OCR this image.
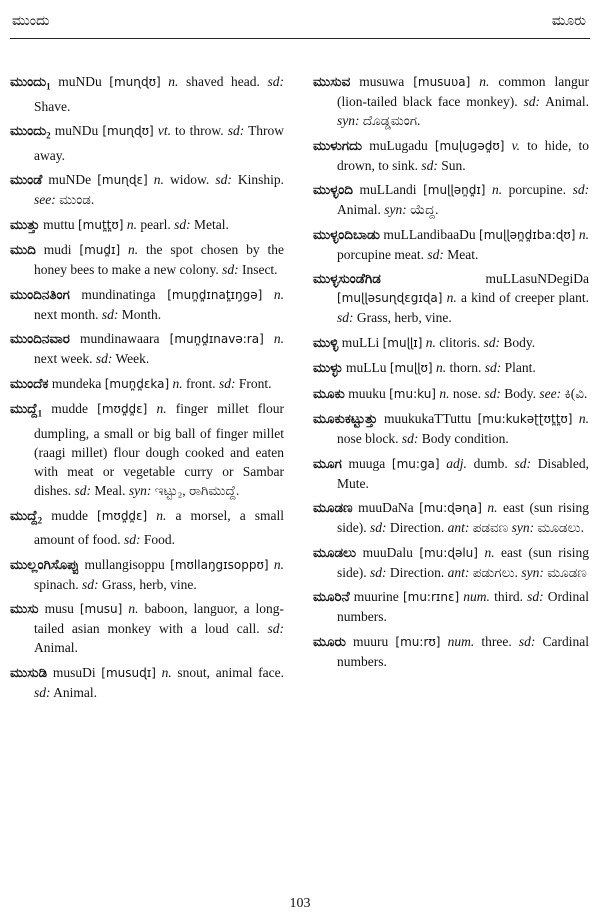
ಮುಂದು	ಮೂರು

$ಮುಂದು_1$ muNDu [muɳɖʊ] n. shaved head. sd: Shave.

$ಮುಂದು_2$ muNDu [muɳɖʊ] vt. to throw. sd: Throw away.

ಮುಂಡೆ muNDe [muɳɖɛ] n. widow. sd: Kinship. see: ಮುಂಡ.

ಮುತ್ತು muttu [mut̪t̪ʊ] n. pearl. sd: Metal.

ಮುದಿ mudi [mud̪ɪ] n. the spot chosen by the honey bees to make a new colony. sd: Insect.

ಮುಂದಿನತಿಂಗ mundinatinga [mun̪d̪ɪnat̪ɪŋgə] n. next month. sd: Month.

ಮುಂದಿನವಾರ mundinawaara [mun̪d̪ɪnavə:ra] n. next week. sd: Week.

ಮುಂದೆಕ mundeka [mun̪d̪ɛka] n. front. sd: Front.

$ಮುದ್ದೆ_1$ mudde [mʊd̪d̪ɛ] n. finger millet flour dumpling, a small or big ball of finger millet (raagi millet) flour dough cooked and eaten with meat or vegetable curry or Sambar dishes. sd: Meal. syn: ಇಟ್ಟು₂, ರಾಗಿಮುದ್ದೆ.

$ಮುದ್ದೆ_2$ mudde [mʊd̪d̪ɛ] n. a morsel, a small amount of food. sd: Food.

ಮುಲ್ಲಂಗಿಸೊಪ್ಪು mullangisoppu [mʊllaŋgɪsoppʊ] n. spinach. sd: Grass, herb, vine.

ಮುಸು musu [musu] n. baboon, languor, a long-tailed asian monkey with a loud call. sd: Animal.

ಮುಸುಡಿ musuDi [musuɖɪ] n. snout, animal face. sd: Animal.

ಮುಸುವ musuwa [musuʋa] n. common langur (lion-tailed black face monkey). sd: Animal. syn: ದೊಡ್ಡಮಂಗ.

ಮುಳುಗದು muLugadu [muɭugəd̪ʊ] v. to hide, to drown, to sink. sd: Sun.

ಮುಳ್ಳಂದಿ muLLandi [muɭɭən̪d̪ɪ] n. porcupine. sd: Animal. syn: ಯೆದ್ದ.

ಮುಳ್ಳಂದಿಬಾಡು muLLandibaaDu [muɭɭən̪d̪ɪba:ɖʊ] n. porcupine meat. sd: Meat.

ಮುಳ್ಳಸುಂಡೆಗಿಡ	muLLasuNDegiDa [muɭɭəsuɳɖɛgɪɖa] n. a kind of creeper plant. sd: Grass, herb, vine.

ಮುಳ್ಳಿ muLLi [muɭɭɪ] n. clitoris. sd: Body.

ಮುಳ್ಳು muLLu [muɭɭʊ] n. thorn. sd: Plant.

ಮೂಕು muuku [mu:ku] n. nose. sd: Body. see: ಕಿ(ವಿ.

ಮೂಕುಕಟ್ಟುತ್ತು muukukaTTuttu [mu:kukəʈʈʊt̪t̪ʊ] n. nose block. sd: Body condition.

ಮೂಗ muuga [mu:ga] adj. dumb. sd: Disabled, Mute.

ಮೂಡಣ muuDaNa [mu:ɖəɳa] n. east (sun rising side). sd: Direction. ant: ಪಡವಣ syn: ಮೂಡಲು.

ಮೂಡಲು muuDalu [mu:ɖəlu] n. east (sun rising side). sd: Direction. ant: ಪಡುಗಲು. syn: ಮೂಡಣ

ಮೂರಿನೆ muurine [mu:rɪnɛ] num. third. sd: Ordinal numbers.

ಮೂರು muuru [mu:rʊ] num. three. sd: Cardinal numbers.

103
